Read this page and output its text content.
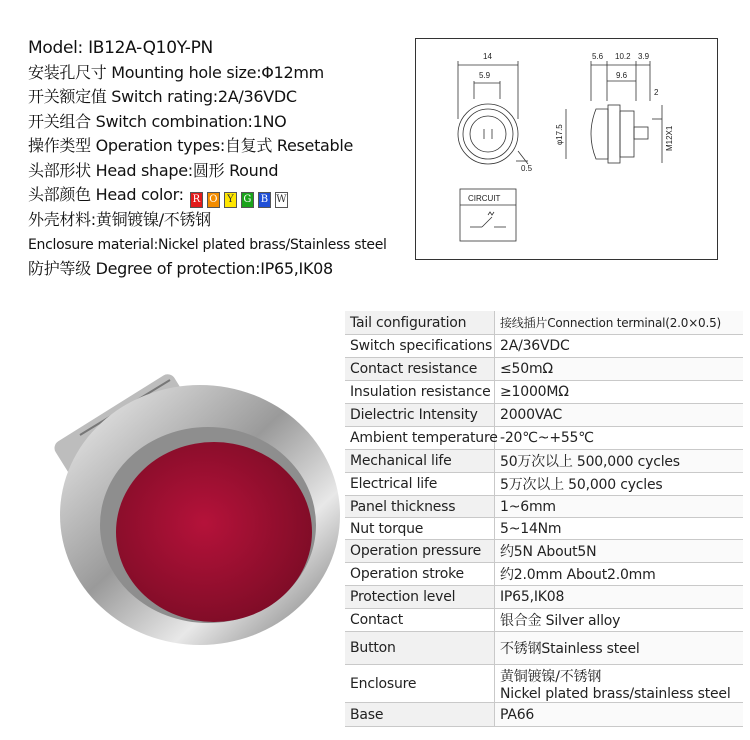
Model: IB12A-Q10Y-PN
安装孔尺寸 Mounting hole size:Φ12mm
开关额定值 Switch rating:2A/36VDC
开关组合 Switch combination:1NO
操作类型 Operation types:自复式 Resetable
头部形状 Head shape:圆形 Round
头部颜色 Head color: R O Y G B W
外壳材料:黄铜镀镍/不锈钢
Enclosure material:Nickel plated brass/Stainless steel
防护等级 Degree of protection:IP65,IK08
14
5.9
5.6 10.2 3.9
9.6
2
φ17.5
0.5
M12X1
CIRCUIT
Tail configuration	接线插片Connection terminal(2.0×0.5)
Switch specifications 2A/36VDC
Contact resistance	≤50mΩ
Insulation resistance ≥1000MΩ
Dielectric Intensity	2000VAC
Ambient temperature -20℃~+55℃
Mechanical life	50万次以上 500,000 cycles
Electrical life	5万次以上 50,000 cycles
Panel thickness	1~6mm
Nut torque	5~14Nm
Operation pressure	约5N About5N
Operation stroke	约2.0mm About2.0mm
Protection level	IP65,IK08
Contact	银合金 Silver alloy
Button	不锈钢Stainless steel
Enclosure	黄铜镀镍/不锈钢
Nickel plated brass/stainless steel
Base	PA66
